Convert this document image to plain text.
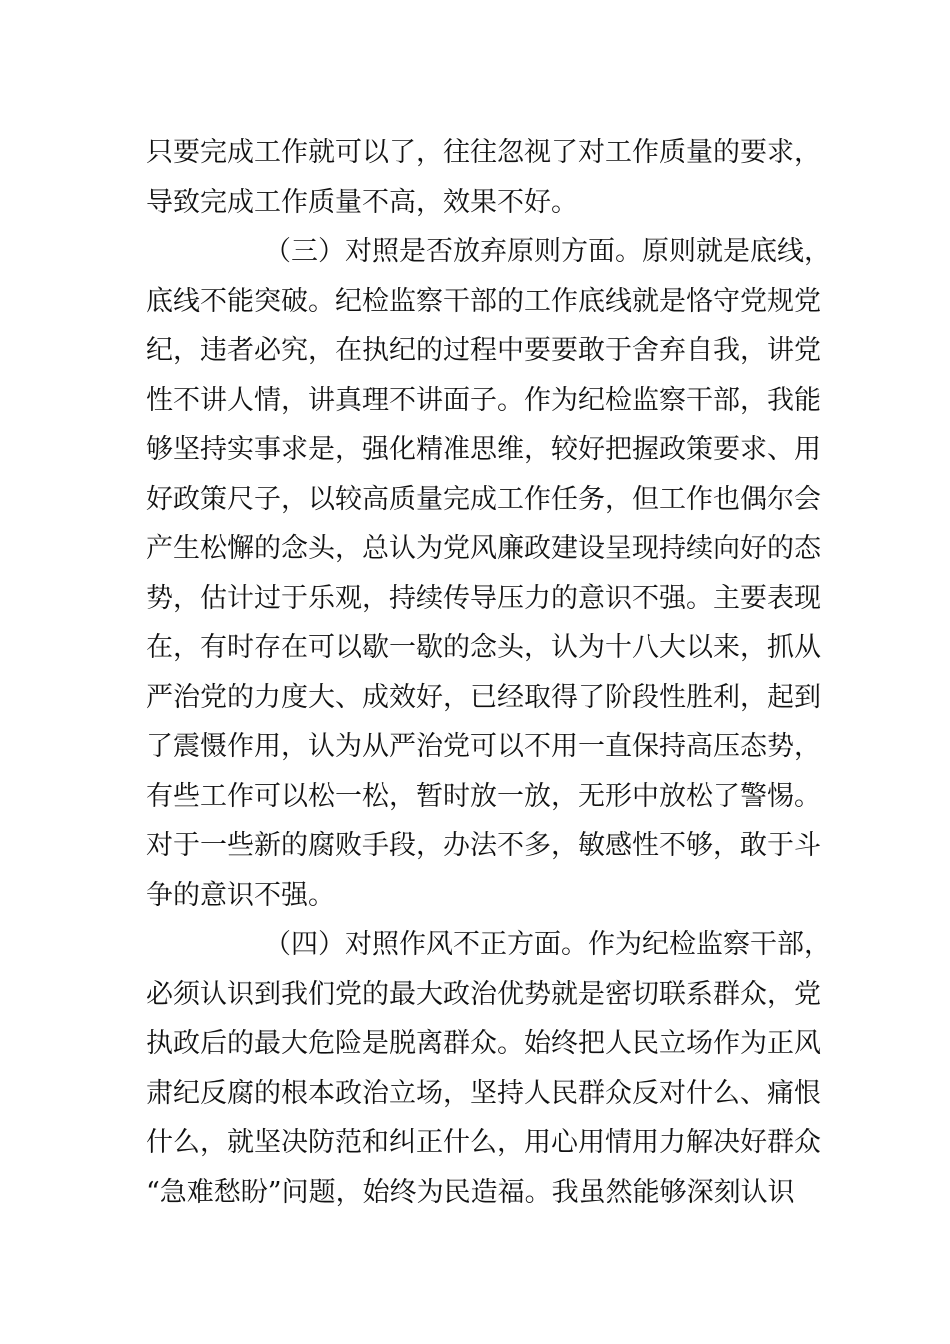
只要完成工作就可以了，往往忽视了对工作质量的要求，
导致完成工作质量不高，效果不好。
（三）对照是否放弃原则方面。原则就是底线，
底线不能突破。纪检监察干部的工作底线就是恪守党规党
纪，违者必究，在执纪的过程中要要敢于舍弃自我，讲党
性不讲人情，讲真理不讲面子。作为纪检监察干部，我能
够坚持实事求是，强化精准思维，较好把握政策要求、用
好政策尺子，以较高质量完成工作任务，但工作也偶尔会
产生松懈的念头，总认为党风廉政建设呈现持续向好的态
势，估计过于乐观，持续传导压力的意识不强。主要表现
在，有时存在可以歇一歇的念头，认为十八大以来，抓从
严治党的力度大、成效好，已经取得了阶段性胜利，起到
了震慑作用，认为从严治党可以不用一直保持高压态势，
有些工作可以松一松，暂时放一放，无形中放松了警惕。
对于一些新的腐败手段，办法不多，敏感性不够，敢于斗
争的意识不强。
（四）对照作风不正方面。作为纪检监察干部，
必须认识到我们党的最大政治优势就是密切联系群众，党
执政后的最大危险是脱离群众。始终把人民立场作为正风
肃纪反腐的根本政治立场，坚持人民群众反对什么、痛恨
什么，就坚决防范和纠正什么，用心用情用力解决好群众
“急难愁盼”问题，始终为民造福。我虽然能够深刻认识
